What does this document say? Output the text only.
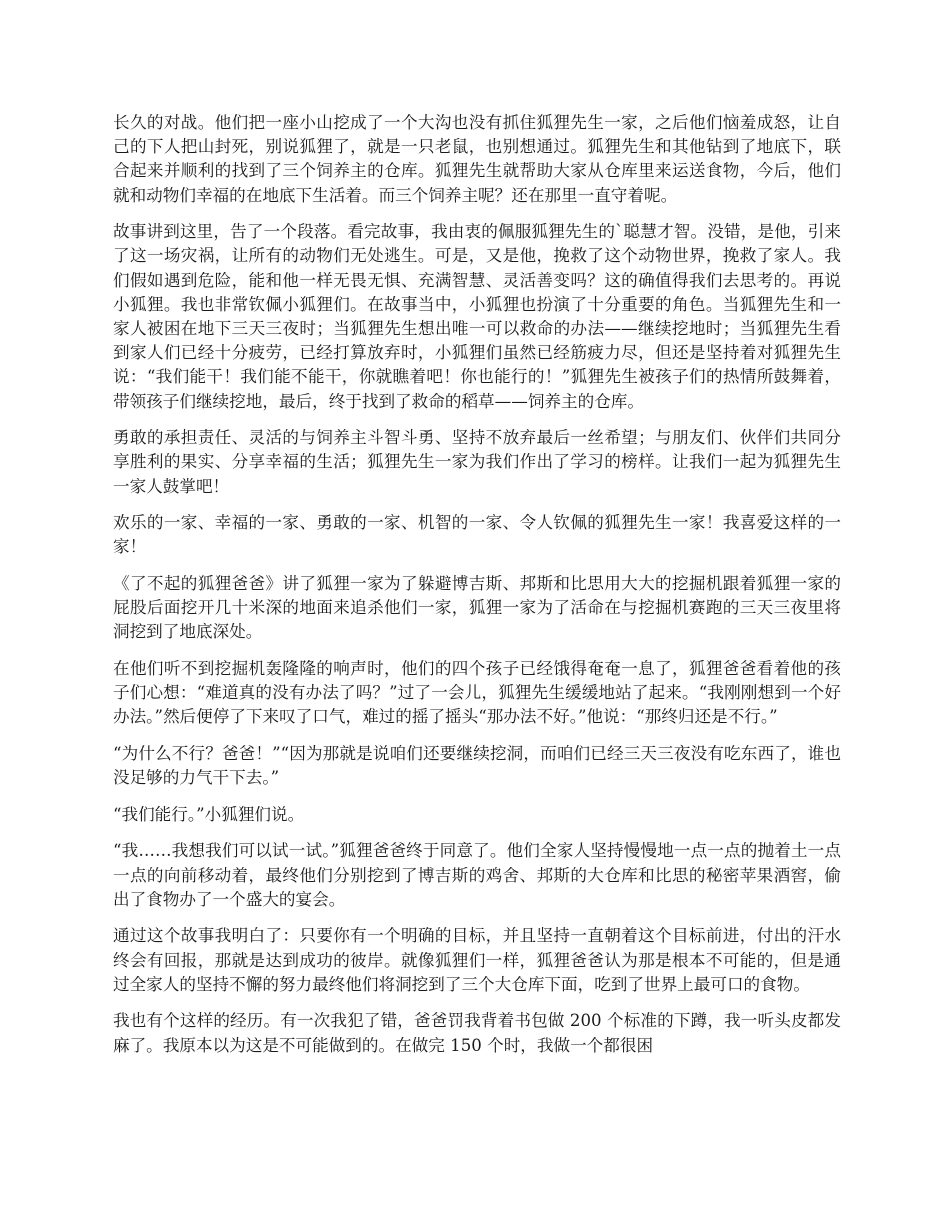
长久的对战。他们把一座小山挖成了一个大沟也没有抓住狐狸先生一家，之后他们恼羞成怒，让自己的下人把山封死，别说狐狸了，就是一只老鼠，也别想通过。狐狸先生和其他钻到了地底下，联合起来并顺利的找到了三个饲养主的仓库。狐狸先生就帮助大家从仓库里来运送食物，今后，他们就和动物们幸福的在地底下生活着。而三个饲养主呢？还在那里一直守着呢。

故事讲到这里，告了一个段落。看完故事，我由衷的佩服狐狸先生的`聪慧才智。没错，是他，引来了这一场灾祸，让所有的动物们无处逃生。可是，又是他，挽救了这个动物世界，挽救了家人。我们假如遇到危险，能和他一样无畏无惧、充满智慧、灵活善变吗？这的确值得我们去思考的。再说小狐狸。我也非常钦佩小狐狸们。在故事当中，小狐狸也扮演了十分重要的角色。当狐狸先生和一家人被困在地下三天三夜时；当狐狸先生想出唯一可以救命的办法——继续挖地时；当狐狸先生看到家人们已经十分疲劳，已经打算放弃时，小狐狸们虽然已经筋疲力尽，但还是坚持着对狐狸先生说：“我们能干！我们能不能干，你就瞧着吧！你也能行的！”狐狸先生被孩子们的热情所鼓舞着，带领孩子们继续挖地，最后，终于找到了救命的稻草——饲养主的仓库。

勇敢的承担责任、灵活的与饲养主斗智斗勇、坚持不放弃最后一丝希望；与朋友们、伙伴们共同分享胜利的果实、分享幸福的生活；狐狸先生一家为我们作出了学习的榜样。让我们一起为狐狸先生一家人鼓掌吧！

欢乐的一家、幸福的一家、勇敢的一家、机智的一家、令人钦佩的狐狸先生一家！我喜爱这样的一家！

《了不起的狐狸爸爸》讲了狐狸一家为了躲避博吉斯、邦斯和比思用大大的挖掘机跟着狐狸一家的屁股后面挖开几十米深的地面来追杀他们一家，狐狸一家为了活命在与挖掘机赛跑的三天三夜里将洞挖到了地底深处。

在他们听不到挖掘机轰隆隆的响声时，他们的四个孩子已经饿得奄奄一息了，狐狸爸爸看着他的孩子们心想：“难道真的没有办法了吗？”过了一会儿，狐狸先生缓缓地站了起来。“我刚刚想到一个好办法。”然后便停了下来叹了口气，难过的摇了摇头“那办法不好。”他说：“那终归还是不行。”

“为什么不行？爸爸！”“因为那就是说咱们还要继续挖洞，而咱们已经三天三夜没有吃东西了，谁也没足够的力气干下去。”

“我们能行。”小狐狸们说。

“我……我想我们可以试一试。”狐狸爸爸终于同意了。他们全家人坚持慢慢地一点一点的抛着土一点一点的向前移动着，最终他们分别挖到了博吉斯的鸡舍、邦斯的大仓库和比思的秘密苹果酒窖，偷出了食物办了一个盛大的宴会。

通过这个故事我明白了：只要你有一个明确的目标，并且坚持一直朝着这个目标前进，付出的汗水终会有回报，那就是达到成功的彼岸。就像狐狸们一样，狐狸爸爸认为那是根本不可能的，但是通过全家人的坚持不懈的努力最终他们将洞挖到了三个大仓库下面，吃到了世界上最可口的食物。

我也有个这样的经历。有一次我犯了错，爸爸罚我背着书包做 200 个标准的下蹲，我一听头皮都发麻了。我原本以为这是不可能做到的。在做完 150 个时，我做一个都很困
